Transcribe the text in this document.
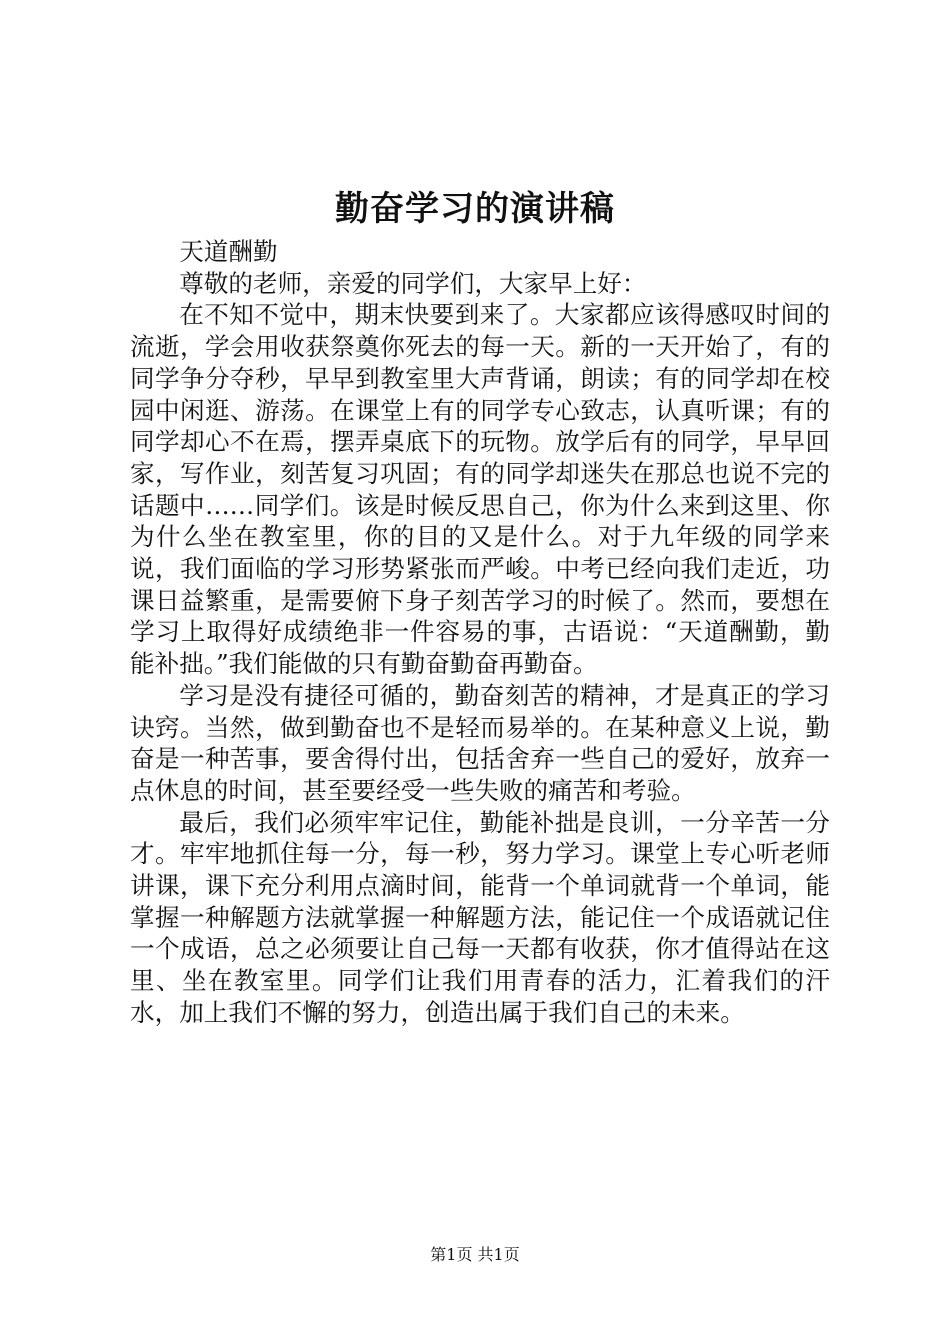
勤奋学习的演讲稿

天道酬勤

尊敬的老师，亲爱的同学们，大家早上好：

在不知不觉中，期末快要到来了。大家都应该得感叹时间的流逝，学会用收获祭奠你死去的每一天。新的一天开始了，有的同学争分夺秒，早早到教室里大声背诵，朗读；有的同学却在校园中闲逛、游荡。在课堂上有的同学专心致志，认真听课；有的同学却心不在焉，摆弄桌底下的玩物。放学后有的同学，早早回家，写作业，刻苦复习巩固；有的同学却迷失在那总也说不完的话题中……同学们。该是时候反思自己，你为什么来到这里、你为什么坐在教室里，你的目的又是什么。对于九年级的同学来说，我们面临的学习形势紧张而严峻。中考已经向我们走近，功课日益繁重，是需要俯下身子刻苦学习的时候了。然而，要想在学习上取得好成绩绝非一件容易的事，古语说：“天道酬勤，勤能补拙。”我们能做的只有勤奋勤奋再勤奋。

学习是没有捷径可循的，勤奋刻苦的精神，才是真正的学习诀窍。当然，做到勤奋也不是轻而易举的。在某种意义上说，勤奋是一种苦事，要舍得付出，包括舍弃一些自己的爱好，放弃一点休息的时间，甚至要经受一些失败的痛苦和考验。

最后，我们必须牢牢记住，勤能补拙是良训，一分辛苦一分才。牢牢地抓住每一分，每一秒，努力学习。课堂上专心听老师讲课，课下充分利用点滴时间，能背一个单词就背一个单词，能掌握一种解题方法就掌握一种解题方法，能记住一个成语就记住一个成语，总之必须要让自己每一天都有收获，你才值得站在这里、坐在教室里。同学们让我们用青春的活力，汇着我们的汗水，加上我们不懈的努力，创造出属于我们自己的未来。

第1页 共1页
